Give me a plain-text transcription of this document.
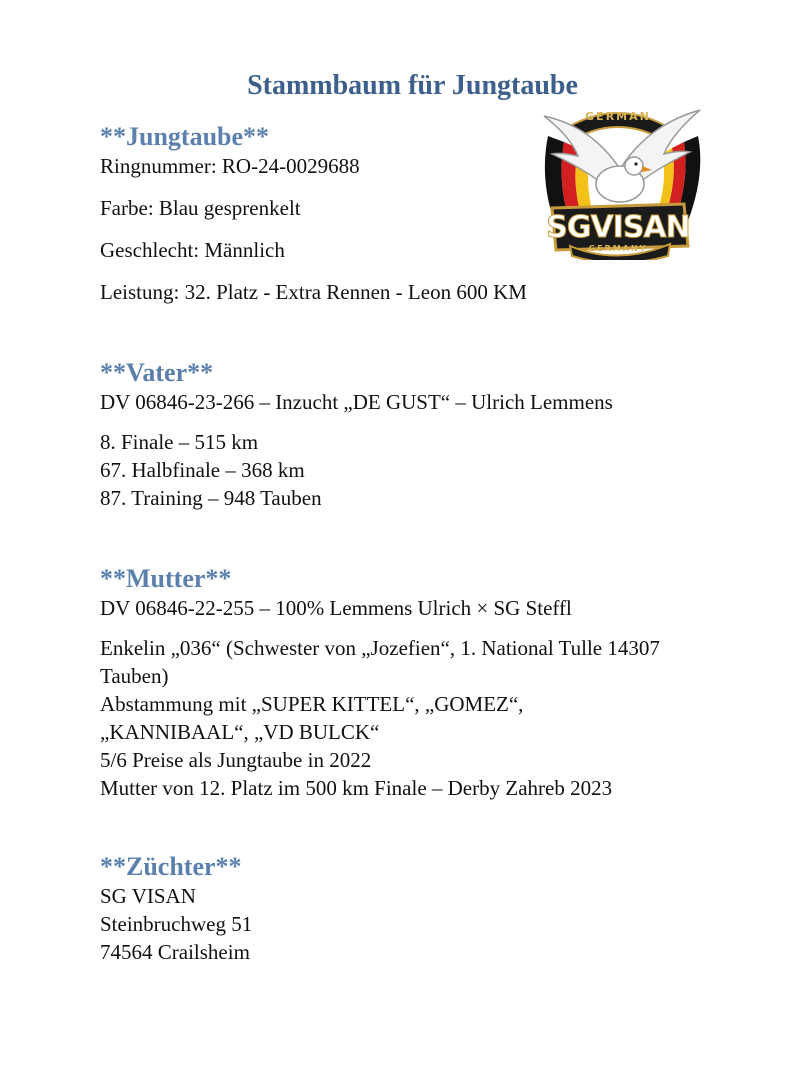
Stammbaum für Jungtaube
GERMAN
SGVISAN
GERMANY
**Jungtaube**
Ringnummer: RO-24-0029688
Farbe: Blau gesprenkelt
Geschlecht: Männlich
Leistung: 32. Platz - Extra Rennen - Leon 600 KM
**Vater**
DV 06846-23-266 – Inzucht „DE GUST“ – Ulrich Lemmens
8. Finale – 515 km
67. Halbfinale – 368 km
87. Training – 948 Tauben
**Mutter**
DV 06846-22-255 – 100% Lemmens Ulrich × SG Steffl
Enkelin „036“ (Schwester von „Jozefien“, 1. National Tulle 14307 Tauben)
Abstammung mit „SUPER KITTEL“, „GOMEZ“, „KANNIBAAL“, „VD BULCK“
5/6 Preise als Jungtaube in 2022
Mutter von 12. Platz im 500 km Finale – Derby Zahreb 2023
**Züchter**
SG VISAN
Steinbruchweg 51
74564 Crailsheim
